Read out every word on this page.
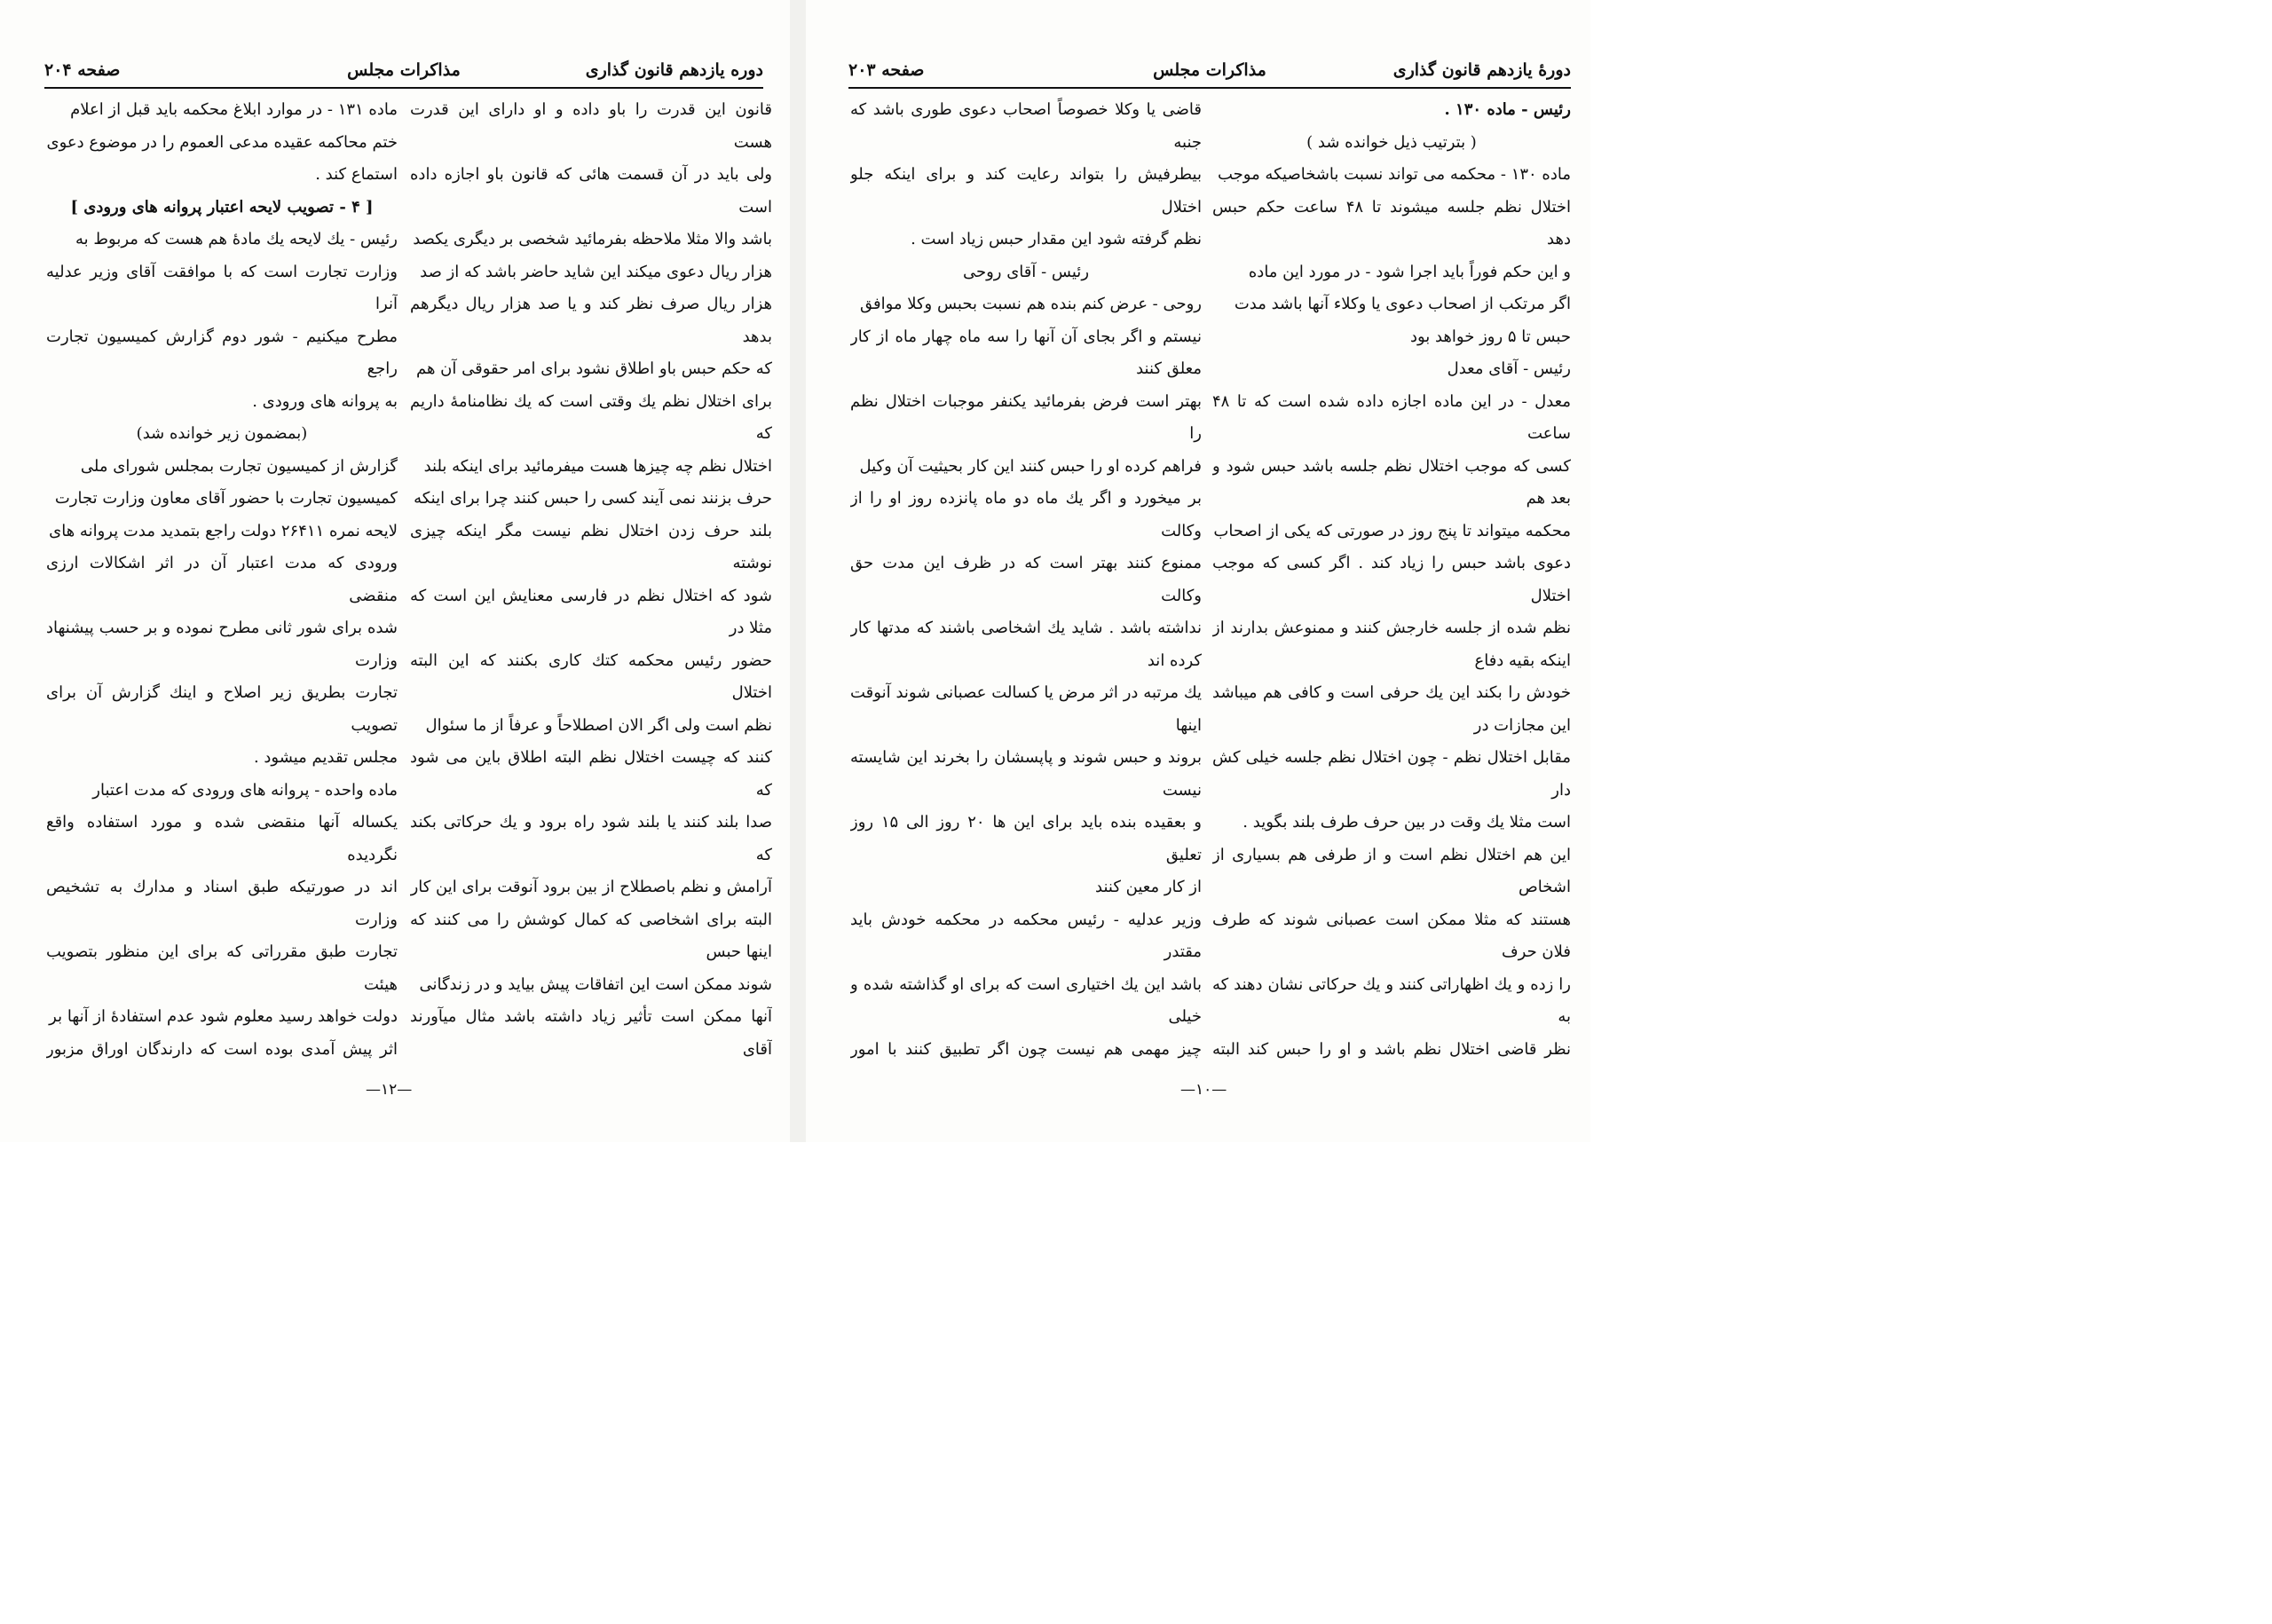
دوره یازدهم قانون گذاری
مذاکرات مجلس
صفحه ۲۰۴

قانون این قدرت را باو داده و او دارای این قدرت هست

ولی باید در آن قسمت هائی که قانون باو اجازه داده است

باشد والا مثلا ملاحظه بفرمائید شخصی بر دیگری یکصد

هزار ریال دعوی میکند این شاید حاضر باشد که از صد

هزار ریال صرف نظر کند و یا صد هزار ریال دیگرهم بدهد

که حکم حبس باو اطلاق نشود برای امر حقوقی آن هم

برای اختلال نظم یك وقتی است که یك نظامنامهٔ داریم که

اختلال نظم چه چیزها هست میفرمائید برای اینکه بلند

حرف بزنند نمی آیند کسی را حبس کنند چرا برای اینکه

بلند حرف زدن اختلال نظم نیست مگر اینکه چیزی نوشته

شود که اختلال نظم در فارسی معنایش این است که مثلا در

حضور رئیس محکمه کتك کاری بکنند که این البته اختلال

نظم است ولی اگر الان اصطلاحاً و عرفاً از ما سئوال

کنند که چیست اختلال نظم البته اطلاق باین می شود که

صدا بلند کنند یا بلند شود راه برود و یك حرکاتی بکند که

آرامش و نظم باصطلاح از بین برود آنوقت برای این کار

البته برای اشخاصی که کمال کوشش را می کنند که اینها حبس

شوند ممکن است این اتفاقات پیش بیاید و در زندگانی

آنها ممکن است تأثیر زیاد داشته باشد مثال میآورند آقای

ماده ۱۳۱ - در موارد ابلاغ محکمه باید قبل از اعلام

ختم محاکمه عقیده مدعی العموم را در موضوع دعوی

استماع کند .

[ ۴ - تصویب لایحه اعتبار پروانه های ورودی ]

رئیس - یك لایحه یك مادهٔ هم هست که مربوط به

وزارت تجارت است که با موافقت آقای وزیر عدلیه آنرا

مطرح میکنیم - شور دوم گزارش کمیسیون تجارت راجع

به پروانه های ورودی .

(بمضمون زیر خوانده شد)

گزارش از کمیسیون تجارت بمجلس شورای ملی

کمیسیون تجارت با حضور آقای معاون وزارت تجارت

لایحه نمره ۲۶۴۱۱ دولت راجع بتمدید مدت پروانه های

ورودی که مدت اعتبار آن در اثر اشکالات ارزی منقضی

شده برای شور ثانی مطرح نموده و بر حسب پیشنهاد وزارت

تجارت بطریق زیر اصلاح و اینك گزارش آن برای تصویب

مجلس تقدیم میشود .

ماده واحده - پروانه های ورودی که مدت اعتبار

یکساله آنها منقضی شده و مورد استفاده واقع نگردیده

اند در صورتیکه طبق اسناد و مدارك به تشخیص وزارت

تجارت طبق مقرراتی که برای این منظور بتصویب هیئت

دولت خواهد رسید معلوم شود عدم استفادهٔ از آنها بر

اثر پیش آمدی بوده است که دارندگان اوراق مزبور

—۱۲—
دورهٔ یازدهم قانون گذاری
مذاکرات مجلس
صفحه ۲۰۳

رئیس - ماده ۱۳۰ .

( بترتیب ذیل خوانده شد )

ماده ۱۳۰ - محکمه می تواند نسبت باشخاصیکه موجب

اختلال نظم جلسه میشوند تا ۴۸ ساعت حکم حبس دهد

و این حکم فوراً باید اجرا شود - در مورد این ماده

اگر مرتکب از اصحاب دعوی یا وکلاء آنها باشد مدت

حبس تا ۵ روز خواهد بود

رئیس - آقای معدل

معدل - در این ماده اجازه داده شده است که تا ۴۸ ساعت

کسی که موجب اختلال نظم جلسه باشد حبس شود و بعد هم

محکمه میتواند تا پنج روز در صورتی که یکی از اصحاب

دعوی باشد حبس را زیاد کند . اگر کسی که موجب اختلال

نظم شده از جلسه خارجش کنند و ممنوعش بدارند از اینکه بقیه دفاع

خودش را بکند این یك حرفی است و کافی هم میباشد این مجازات در

مقابل اختلال نظم - چون اختلال نظم جلسه خیلی کش دار

است مثلا یك وقت در بین حرف طرف بلند بگوید .

این هم اختلال نظم است و از طرفی هم بسیاری از اشخاص

هستند که مثلا ممکن است عصبانی شوند که طرف فلان حرف

را زده و یك اظهاراتی کنند و یك حرکاتی نشان دهند که به

نظر قاضی اختلال نظم باشد و او را حبس کند البته

قاضی یا وکلا خصوصاً اصحاب دعوی طوری باشد که جنبه

بیطرفیش را بتواند رعایت کند و برای اینکه جلو اختلال

نظم گرفته شود این مقدار حبس زیاد است .

رئیس - آقای روحی

روحی - عرض کنم بنده هم نسبت بحبس وکلا موافق

نیستم و اگر بجای آن آنها را سه ماه چهار ماه از کار معلق کنند

بهتر است فرض بفرمائید یکنفر موجبات اختلال نظم را

فراهم کرده او را حبس کنند این کار بحیثیت آن وکیل

بر میخورد و اگر یك ماه دو ماه پانزده روز او را از وکالت

ممنوع کنند بهتر است که در ظرف این مدت حق وکالت

نداشته باشد . شاید یك اشخاصی باشند که مدتها کار کرده اند

یك مرتبه در اثر مرض یا کسالت عصبانی شوند آنوقت اینها

بروند و حبس شوند و پاپسشان را بخرند این شایسته نیست

و بعقیده بنده باید برای این ها ۲۰ روز الی ۱۵ روز تعلیق

از کار معین کنند

وزیر عدلیه - رئیس محکمه در محکمه خودش باید مقتدر

باشد این یك اختیاری است که برای او گذاشته شده و خیلی

چیز مهمی هم نیست چون اگر تطبیق کنند با امور

—۱۰—
